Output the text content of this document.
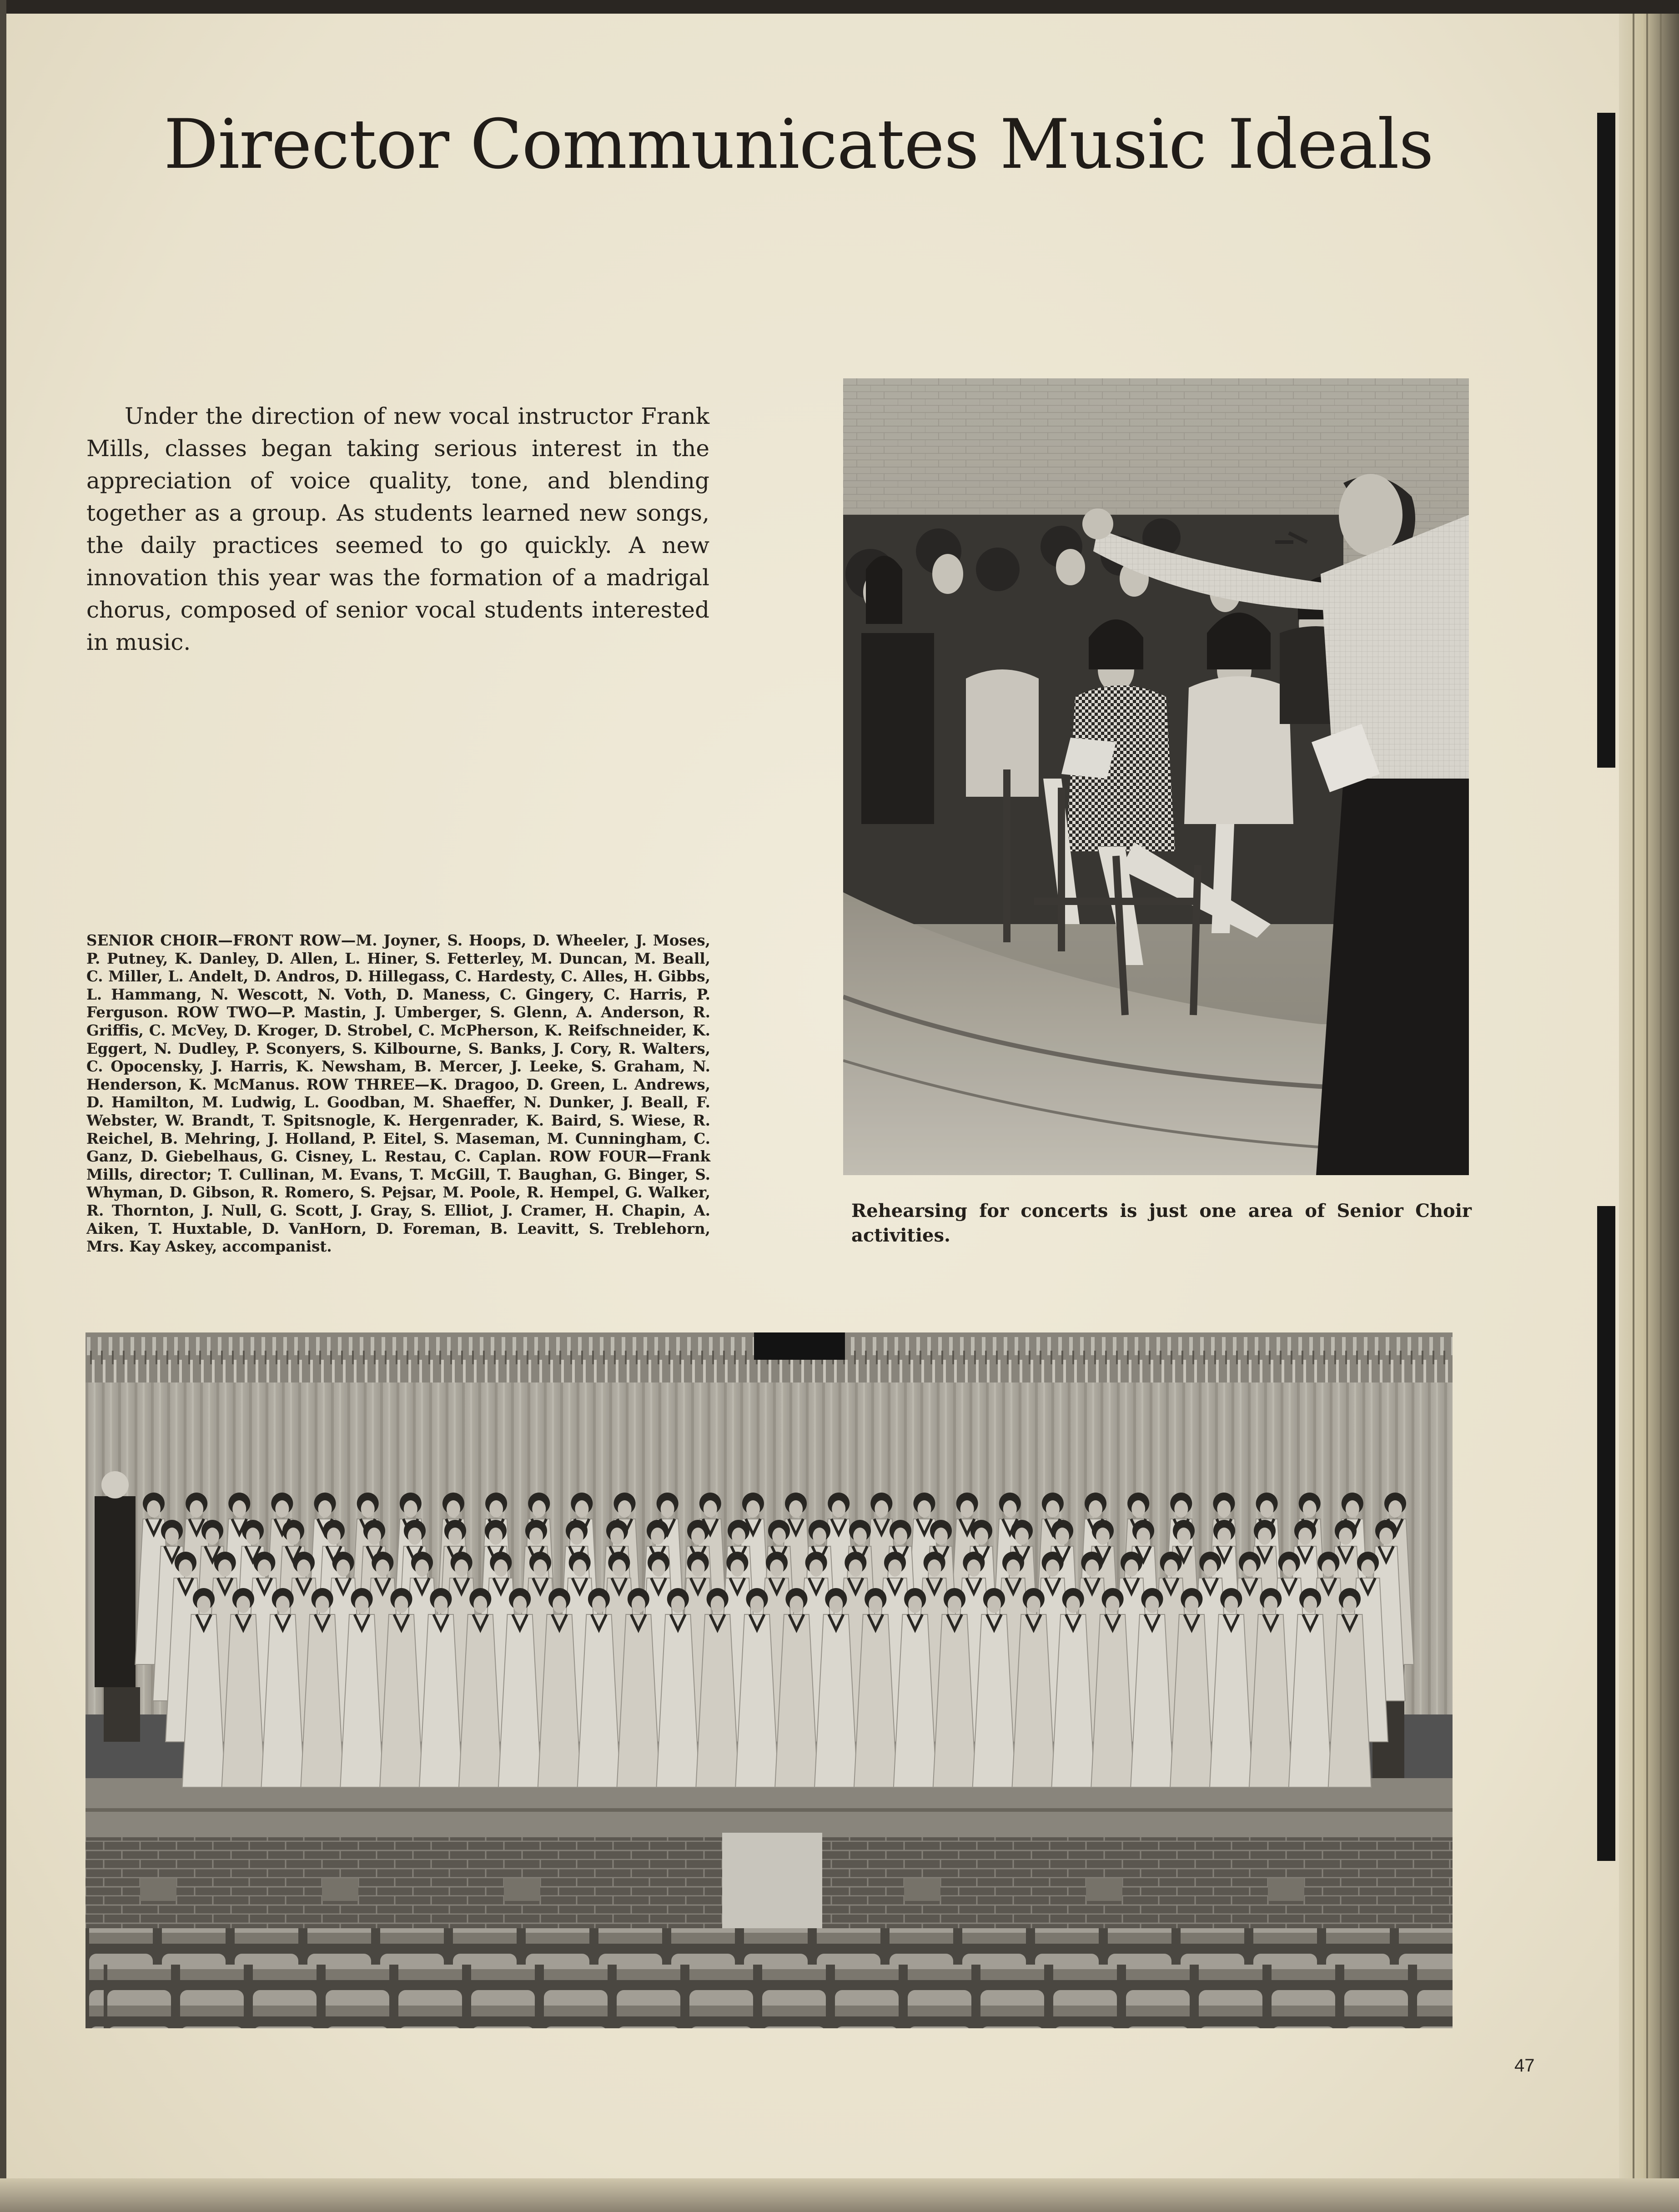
Director Communicates Music Ideals

Under the direction of new vocal instructor Frank Mills, classes began taking serious interest in the appreciation of voice quality, tone, and blending together as a group. As students learned new songs, the daily practices seemed to go quickly. A new innovation this year was the formation of a madrigal chorus, composed of senior vocal students interested in music.

SENIOR CHOIR—FRONT ROW—M. Joyner, S. Hoops, D. Wheeler, J. Moses, P. Putney, K. Danley, D. Allen, L. Hiner, S. Fetterley, M. Duncan, M. Beall, C. Miller, L. Andelt, D. Andros, D. Hillegass, C. Hardesty, C. Alles, H. Gibbs, L. Hammang, N. Wescott, N. Voth, D. Maness, C. Gingery, C. Harris, P. Ferguson. ROW TWO—P. Mastin, J. Umberger, S. Glenn, A. Anderson, R. Griffis, C. McVey, D. Kroger, D. Strobel, C. McPherson, K. Reifschneider, K. Eggert, N. Dudley, P. Sconyers, S. Kilbourne, S. Banks, J. Cory, R. Walters, C. Opocensky, J. Harris, K. Newsham, B. Mercer, J. Leeke, S. Graham, N. Henderson, K. McManus. ROW THREE—K. Dragoo, D. Green, L. Andrews, D. Hamilton, M. Ludwig, L. Goodban, M. Shaeffer, N. Dunker, J. Beall, F. Webster, W. Brandt, T. Spitsnogle, K. Hergenrader, K. Baird, S. Wiese, R. Reichel, B. Mehring, J. Holland, P. Eitel, S. Maseman, M. Cunningham, C. Ganz, D. Giebelhaus, G. Cisney, L. Restau, C. Caplan. ROW FOUR—Frank Mills, director; T. Cullinan, M. Evans, T. McGill, T. Baughan, G. Binger, S. Whyman, D. Gibson, R. Romero, S. Pejsar, M. Poole, R. Hempel, G. Walker, R. Thornton, J. Null, G. Scott, J. Gray, S. Elliot, J. Cramer, H. Chapin, A. Aiken, T. Huxtable, D. VanHorn, D. Foreman, B. Leavitt, S. Treblehorn, Mrs. Kay Askey, accompanist.

Rehearsing for concerts is just one area of Senior Choir activities.

47
